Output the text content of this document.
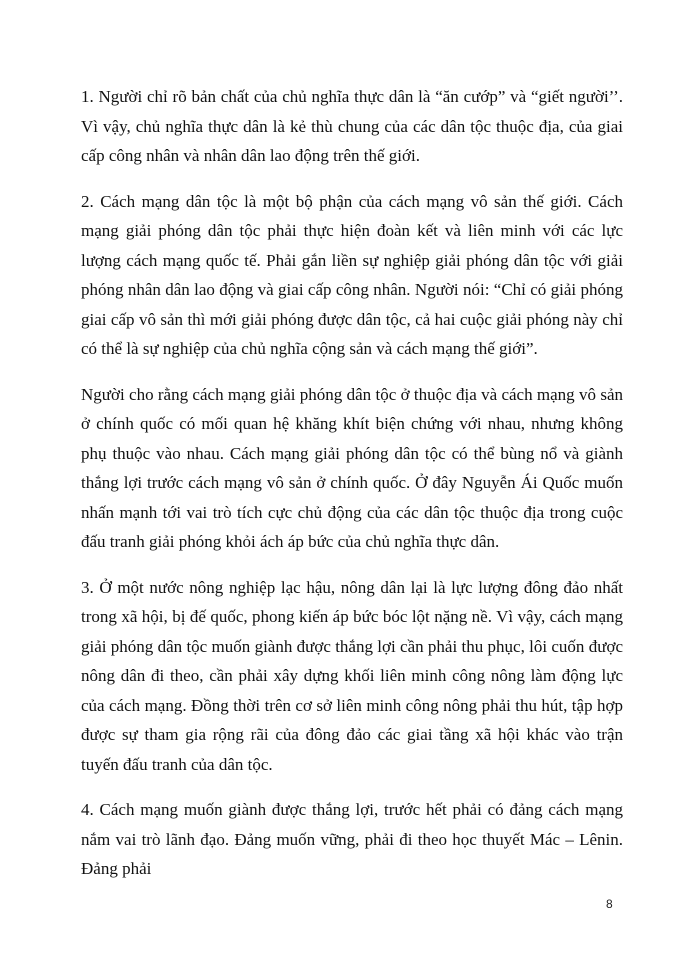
1. Người chỉ rõ bản chất của chủ nghĩa thực dân là “ăn cướp” và “giết người’’. Vì vậy, chủ nghĩa thực dân là kẻ thù chung của các dân tộc thuộc địa, của giai cấp công nhân và nhân dân lao động trên thế giới.

2. Cách mạng dân tộc là một bộ phận của cách mạng vô sản thế giới. Cách mạng giải phóng dân tộc phải thực hiện đoàn kết và liên minh với các lực lượng cách mạng quốc tế. Phải gắn liền sự nghiệp giải phóng dân tộc với giải phóng nhân dân lao động và giai cấp công nhân. Người nói: “Chỉ có giải phóng giai cấp vô sản thì mới giải phóng được dân tộc, cả hai cuộc giải phóng này chỉ có thể là sự nghiệp của chủ nghĩa cộng sản và cách mạng thế giới”.

Người cho rằng cách mạng giải phóng dân tộc ở thuộc địa và cách mạng vô sản ở chính quốc có mối quan hệ khăng khít biện chứng với nhau, nhưng không phụ thuộc vào nhau. Cách mạng giải phóng dân tộc có thể bùng nổ và giành thắng lợi trước cách mạng vô sản ở chính quốc. Ở đây Nguyễn Ái Quốc muốn nhấn mạnh tới vai trò tích cực chủ động của các dân tộc thuộc địa trong cuộc đấu tranh giải phóng khỏi ách áp bức của chủ nghĩa thực dân.

3. Ở một nước nông nghiệp lạc hậu, nông dân lại là lực lượng đông đảo nhất trong xã hội, bị đế quốc, phong kiến áp bức bóc lột nặng nề. Vì vậy, cách mạng giải phóng dân tộc muốn giành được thắng lợi cần phải thu phục, lôi cuốn được nông dân đi theo, cần phải xây dựng khối liên minh công nông làm động lực của cách mạng. Đồng thời trên cơ sở liên minh công nông phải thu hút, tập hợp được sự tham gia rộng rãi của đông đảo các giai tầng xã hội khác vào trận tuyến đấu tranh của dân tộc.

4. Cách mạng muốn giành được thắng lợi, trước hết phải có đảng cách mạng nắm vai trò lãnh đạo. Đảng muốn vững, phải đi theo học thuyết Mác – Lênin. Đảng phải

8
